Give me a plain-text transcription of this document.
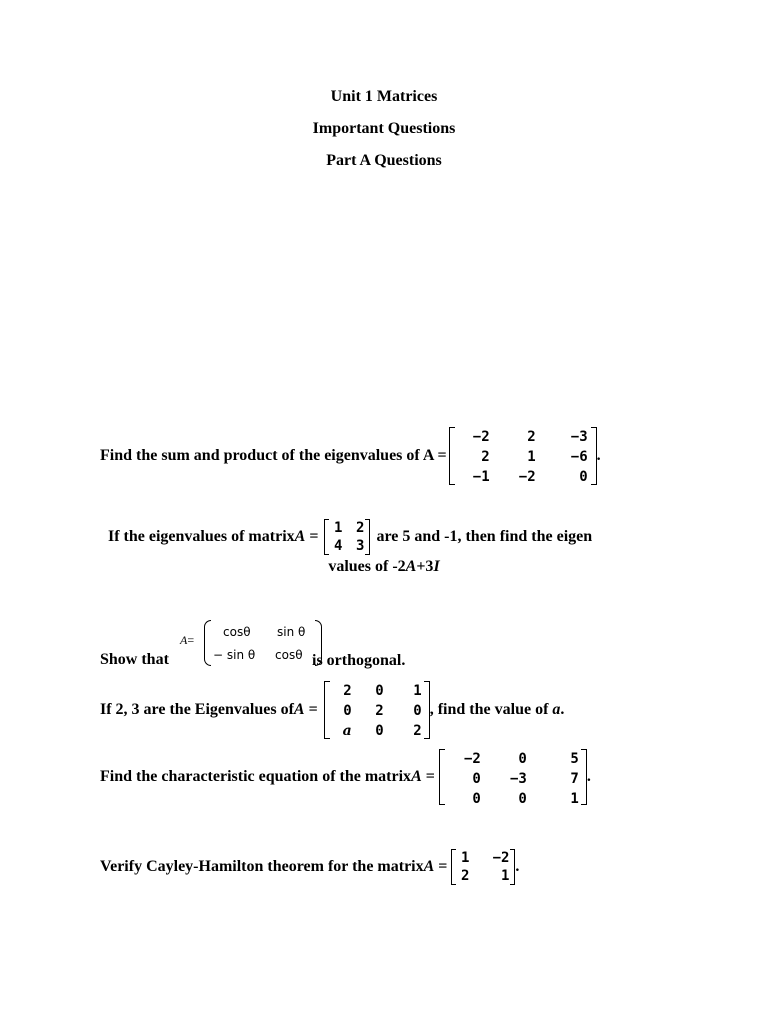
Unit 1 Matrices
Important Questions
Part A Questions
Find the sum and product of the eigenvalues of A =
−2	2	−3
2	1	−6
−1	−2	0
.
If the eigenvalues of matrix A =
1	2
4	3
are 5 and -1, then find the eigen
values of -2A+3I
Show that
A=
cosθ	sin θ
− sin θ	cosθ is orthogonal.
If 2, 3 are the Eigenvalues of A =
2	0	1
0	2	0
a	0	2
, find the value of a .
Find the characteristic equation of the matrix A =
−2	0	5
0	−3	7
0	0	1
.
Verify Cayley-Hamilton theorem for the matrix A =
1	−2
2	1
.
